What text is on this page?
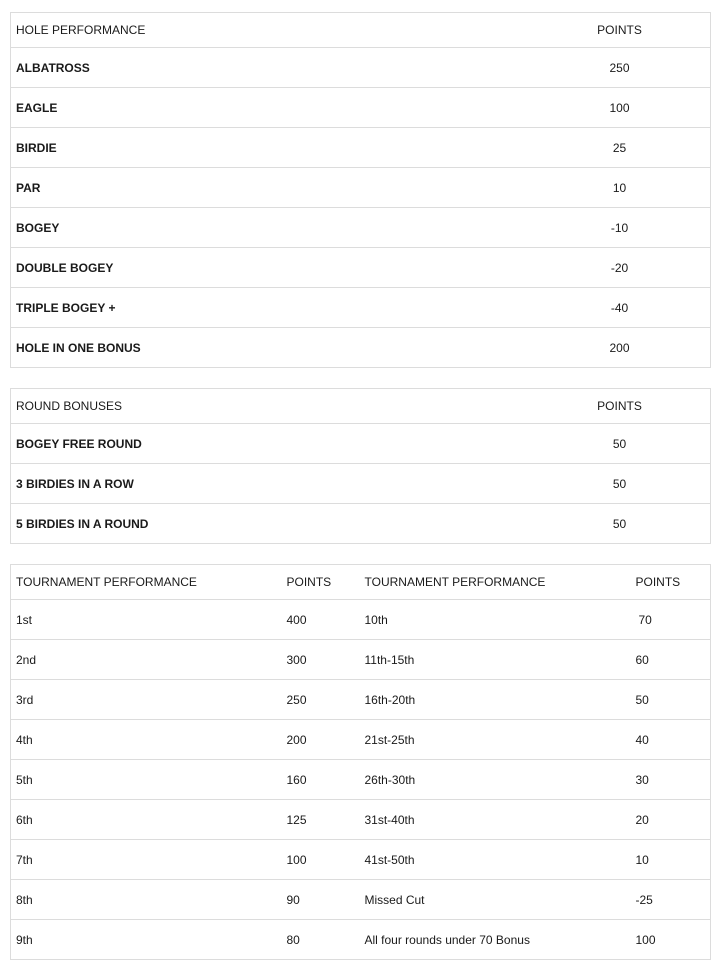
HOLE PERFORMANCE	POINTS	
ALBATROSS	250	
EAGLE	100	
BIRDIE	25	
PAR	10	
BOGEY	-10	
DOUBLE BOGEY	-20	
TRIPLE BOGEY +	-40	
HOLE IN ONE BONUS	200	
ROUND BONUSES	POINTS	
BOGEY FREE ROUND	50	
3 BIRDIES IN A ROW	50	
5 BIRDIES IN A ROUND	50	
TOURNAMENT PERFORMANCE	POINTS	TOURNAMENT PERFORMANCE	POINTS
1st	400	10th	70
2nd	300	11th-15th	60
3rd	250	16th-20th	50
4th	200	21st-25th	40
5th	160	26th-30th	30
6th	125	31st-40th	20
7th	100	41st-50th	10
8th	90	Missed Cut	-25
9th	80	All four rounds under 70 Bonus	100
